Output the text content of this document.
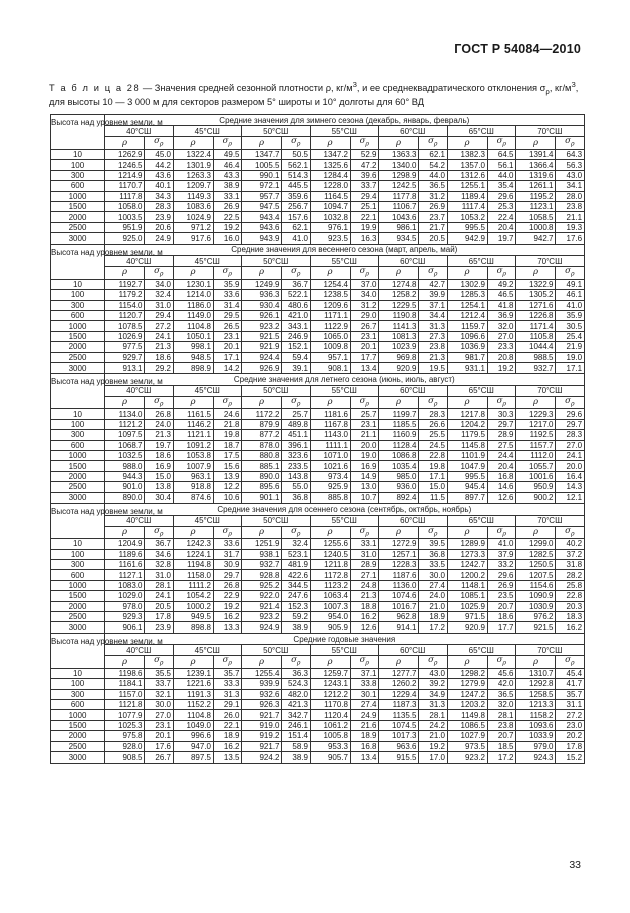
ГОСТ Р 54084—2010
Т а б л и ц а 28 — Значения средней сезонной плотности ρ, $кг/м^3$, и ее среднеквадратического отклонения $\sigma_\rho$, $кг/м^3$,
для высоты 10 — 3 000 м для секторов размером 5° широты и 10° долготы для 60° ВД
Высота над уровнем земли, м	Средние значения для зимнего сезона (декабрь, январь, февраль)													
	40°СШ		45°СШ		50°СШ		55°СШ		60°СШ		65°СШ		70°СШ	
	ρ	$\sigma_\rho$	ρ	$\sigma_\rho$	ρ	$\sigma_\rho$	ρ	$\sigma_\rho$	ρ	$\sigma_\rho$	ρ	$\sigma_\rho$	ρ	$\sigma_\rho$
10	1262.9	45.0	1322.4	49.5	1347.7	50.5	1347.2	52.9	1363.3	62.1	1382.3	64.5	1391.4	64.3
100	1246.5	44.2	1301.9	46.4	1005.5	562.1	1325.6	47.2	1340.0	54.2	1357.0	56.1	1366.4	56.3
300	1214.9	43.6	1263.3	43.3	990.1	514.3	1284.4	39.6	1298.9	44.0	1312.6	44.0	1319.6	43.0
600	1170.7	40.1	1209.7	38.9	972.1	445.5	1228.0	33.7	1242.5	36.5	1255.1	35.4	1261.1	34.1
1000	1117.8	34.3	1149.3	33.1	957.7	359.6	1164.5	29.4	1177.8	31.2	1189.4	29.6	1195.2	28.0
1500	1058.0	28.3	1083.6	26.9	947.5	256.7	1094.7	25.1	1106.7	26.9	1117.4	25.3	1123.1	23.8
2000	1003.5	23.9	1024.9	22.5	943.4	157.6	1032.8	22.1	1043.6	23.7	1053.2	22.4	1058.5	21.1
2500	951.9	20.6	971.2	19.2	943.6	62.1	976.1	19.9	986.1	21.7	995.5	20.4	1000.8	19.3
3000	925.0	24.9	917.6	16.0	943.9	41.0	923.5	16.3	934.5	20.5	942.9	19.7	942.7	17.6
Высота над уровнем земли, м	Средние значения для весеннего сезона (март, апрель, май)													
	40°СШ		45°СШ		50°СШ		55°СШ		60°СШ		65°СШ		70°СШ	
	ρ	$\sigma_\rho$	ρ	$\sigma_\rho$	ρ	$\sigma_\rho$	ρ	$\sigma_\rho$	ρ	$\sigma_\rho$	ρ	$\sigma_\rho$	ρ	$\sigma_\rho$
10	1192.7	34.0	1230.1	35.9	1249.9	36.7	1254.4	37.0	1274.8	42.7	1302.9	49.2	1322.9	49.1
100	1179.2	32.4	1214.0	33.6	936.3	522.1	1238.5	34.0	1258.2	39.9	1285.3	46.5	1305.2	46.1
300	1154.0	31.0	1186.0	31.4	930.4	480.6	1209.6	31.2	1229.5	37.1	1254.1	41.8	1271.6	41.0
600	1120.7	29.4	1149.0	29.5	926.1	421.0	1171.1	29.0	1190.8	34.4	1212.4	36.9	1226.8	35.9
1000	1078.5	27.2	1104.8	26.5	923.2	343.1	1122.9	26.7	1141.3	31.3	1159.7	32.0	1171.4	30.5
1500	1026.9	24.1	1050.1	23.1	921.5	246.9	1065.0	23.1	1081.3	27.3	1096.6	27.0	1105.8	25.4
2000	977.5	21.3	998.1	20.1	921.9	152.1	1009.8	20.1	1023.9	23.8	1036.9	23.3	1044.4	21.9
2500	929.7	18.6	948.5	17.1	924.4	59.4	957.1	17.7	969.8	21.3	981.7	20.8	988.5	19.0
3000	913.1	29.2	898.9	14.2	926.9	39.1	908.1	13.4	920.9	19.5	931.1	19.2	932.7	17.1
Высота над уровнем земли, м	Средние значения для летнего сезона (июнь, июль, август)													
	40°СШ		45°СШ		50°СШ		55°СШ		60°СШ		65°СШ		70°СШ	
	ρ	$\sigma_\rho$	ρ	$\sigma_\rho$	ρ	$\sigma_\rho$	ρ	$\sigma_\rho$	ρ	$\sigma_\rho$	ρ	$\sigma_\rho$	ρ	$\sigma_\rho$
10	1134.0	26.8	1161.5	24.6	1172.2	25.7	1181.6	25.7	1199.7	28.3	1217.8	30.3	1229.3	29.6
100	1121.2	24.0	1146.2	21.8	879.9	489.8	1167.8	23.1	1185.5	26.6	1204.2	29.7	1217.0	29.7
300	1097.5	21.3	1121.1	19.8	877.2	451.1	1143.0	21.1	1160.9	25.5	1179.5	28.9	1192.5	28.3
600	1068.7	19.7	1091.2	18.7	878.0	396.1	1111.1	20.0	1128.4	24.5	1145.8	27.5	1157.7	27.0
1000	1032.5	18.6	1053.8	17.5	880.8	323.6	1071.0	19.0	1086.8	22.8	1101.9	24.4	1112.0	24.1
1500	988.0	16.9	1007.9	15.6	885.1	233.5	1021.6	16.9	1035.4	19.8	1047.9	20.4	1055.7	20.0
2000	944.3	15.0	963.1	13.9	890.0	143.8	973.4	14.9	985.0	17.1	995.5	16.8	1001.6	16.4
2500	901.0	13.8	918.8	12.2	895.6	55.0	925.9	13.0	936.0	15.0	945.4	14.6	950.9	14.3
3000	890.0	30.4	874.6	10.6	901.1	36.8	885.8	10.7	892.4	11.5	897.7	12.6	900.2	12.1
Высота над уровнем земли, м	Средние значения для осеннего сезона (сентябрь, октябрь, ноябрь)													
	40°СШ		45°СШ		50°СШ		55°СШ		60°СШ		65°СШ		70°СШ	
	ρ	$\sigma_\rho$	ρ	$\sigma_\rho$	ρ	$\sigma_\rho$	ρ	$\sigma_\rho$	ρ	$\sigma_\rho$	ρ	$\sigma_\rho$	ρ	$\sigma_\rho$
10	1204.9	36.7	1242.3	33.6	1251.9	32.4	1255.6	33.1	1272.9	39.5	1289.9	41.0	1299.0	40.2
100	1189.6	34.6	1224.1	31.7	938.1	523.1	1240.5	31.0	1257.1	36.8	1273.3	37.9	1282.5	37.2
300	1161.6	32.8	1194.8	30.9	932.7	481.9	1211.8	28.9	1228.3	33.5	1242.7	33.2	1250.5	31.8
600	1127.1	31.0	1158.0	29.7	928.8	422.6	1172.8	27.1	1187.6	30.0	1200.2	29.6	1207.5	28.2
1000	1083.0	28.1	1111.2	26.8	925.2	344.5	1123.2	24.8	1136.0	27.4	1148.1	26.9	1154.6	25.8
1500	1029.0	24.1	1054.2	22.9	922.0	247.6	1063.4	21.3	1074.6	24.0	1085.1	23.5	1090.9	22.8
2000	978.0	20.5	1000.2	19.2	921.4	152.3	1007.3	18.8	1016.7	21.0	1025.9	20.7	1030.9	20.3
2500	929.3	17.8	949.5	16.2	923.2	59.2	954.0	16.2	962.8	18.9	971.5	18.6	976.2	18.3
3000	906.1	23.9	898.8	13.3	924.9	38.9	905.9	12.6	914.1	17.2	920.9	17.7	921.5	16.2
Высота над уровнем земли, м	Средние годовые значения													
	40°СШ		45°СШ		50°СШ		55°СШ		60°СШ		65°СШ		70°СШ	
	ρ	$\sigma_\rho$	ρ	$\sigma_\rho$	ρ	$\sigma_\rho$	ρ	$\sigma_\rho$	ρ	$\sigma_\rho$	ρ	$\sigma_\rho$	ρ	$\sigma_\rho$
10	1198.6	35.5	1239.1	35.7	1255.4	36.3	1259.7	37.1	1277.7	43.0	1298.2	45.6	1310.7	45.4
100	1184.1	33.7	1221.6	33.3	939.9	524.3	1243.1	33.8	1260.2	39.2	1279.9	42.0	1292.8	41.7
300	1157.0	32.1	1191.3	31.3	932.6	482.0	1212.2	30.1	1229.4	34.9	1247.2	36.5	1258.5	35.7
600	1121.8	30.0	1152.2	29.1	926.3	421.3	1170.8	27.4	1187.3	31.3	1203.2	32.0	1213.3	31.1
1000	1077.9	27.0	1104.8	26.0	921.7	342.7	1120.4	24.9	1135.5	28.1	1149.8	28.1	1158.2	27.2
1500	1025.3	23.1	1049.0	22.1	919.0	246.1	1061.2	21.6	1074.5	24.2	1086.5	23.8	1093.6	23.0
2000	975.8	20.1	996.6	18.9	919.2	151.4	1005.8	18.9	1017.3	21.0	1027.9	20.7	1033.9	20.2
2500	928.0	17.6	947.0	16.2	921.7	58.9	953.3	16.8	963.6	19.2	973.5	18.5	979.0	17.8
3000	908.5	26.7	897.5	13.5	924.2	38.9	905.7	13.4	915.5	17.0	923.2	17.2	924.3	15.2
33
